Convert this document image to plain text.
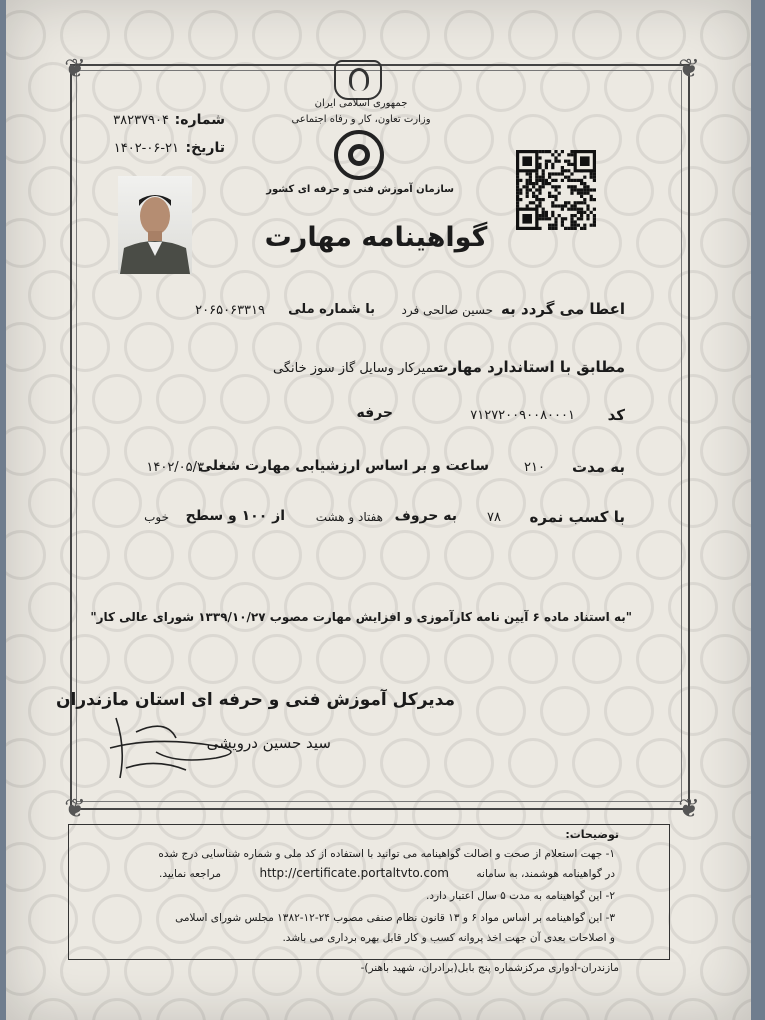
❦	❦
❦	❦
شماره:
۳۸۲۳۷۹۰۴
تاریخ:
۱۴۰۲-۰۶-۲۱
جمهوری اسلامی ایران
وزارت تعاون، کار و رفاه اجتماعی
سازمان آموزش فنی و حرفه ای کشور
گواهینامه مهارت
اعطا می گردد به
حسین صالحی فرد
با شماره ملی
۲۰۶۵۰۶۳۳۱۹
مطابق با استاندارد مهارت
تعمیرکار وسایل گاز سوز خانگی
کد
۷۱۲۷۲۰۰۹۰۰۸۰۰۰۱
حرفه
به مدت
۲۱۰
ساعت و بر اساس ارزشیابی مهارت شغلی
۱۴۰۲/۰۵/۳۰
با کسب نمره
۷۸
به حروف
هفتاد و هشت
از ۱۰۰ و سطح
خوب
"به استناد ماده ۶ آیین نامه کارآموزی و افزایش مهارت مصوب ۱۳۳۹/۱۰/۲۷ شورای عالی کار"
مدیرکل آموزش فنی و حرفه ای استان مازندران
سید حسین درویشی
توضیحات:
۱- جهت استعلام از صحت و اصالت گواهینامه می توانید با استفاده از کد ملی و شماره شناسایی درج شده
در گواهینامه هوشمند، به سامانه
http://certificate.portaltvto.com
مراجعه نمایید.
۲- این گواهینامه به مدت ۵ سال اعتبار دارد.
۳- این گواهینامه بر اساس مواد ۶ و ۱۳ قانون نظام صنفی مصوب ۲۴-۱۲-۱۳۸۲ مجلس شورای اسلامی
و اصلاحات بعدی آن جهت اخذ پروانه کسب و کار قابل بهره برداری می باشد.
مازندران-ادواری مرکزشماره پنج بابل(برادران، شهید باهنر)-
